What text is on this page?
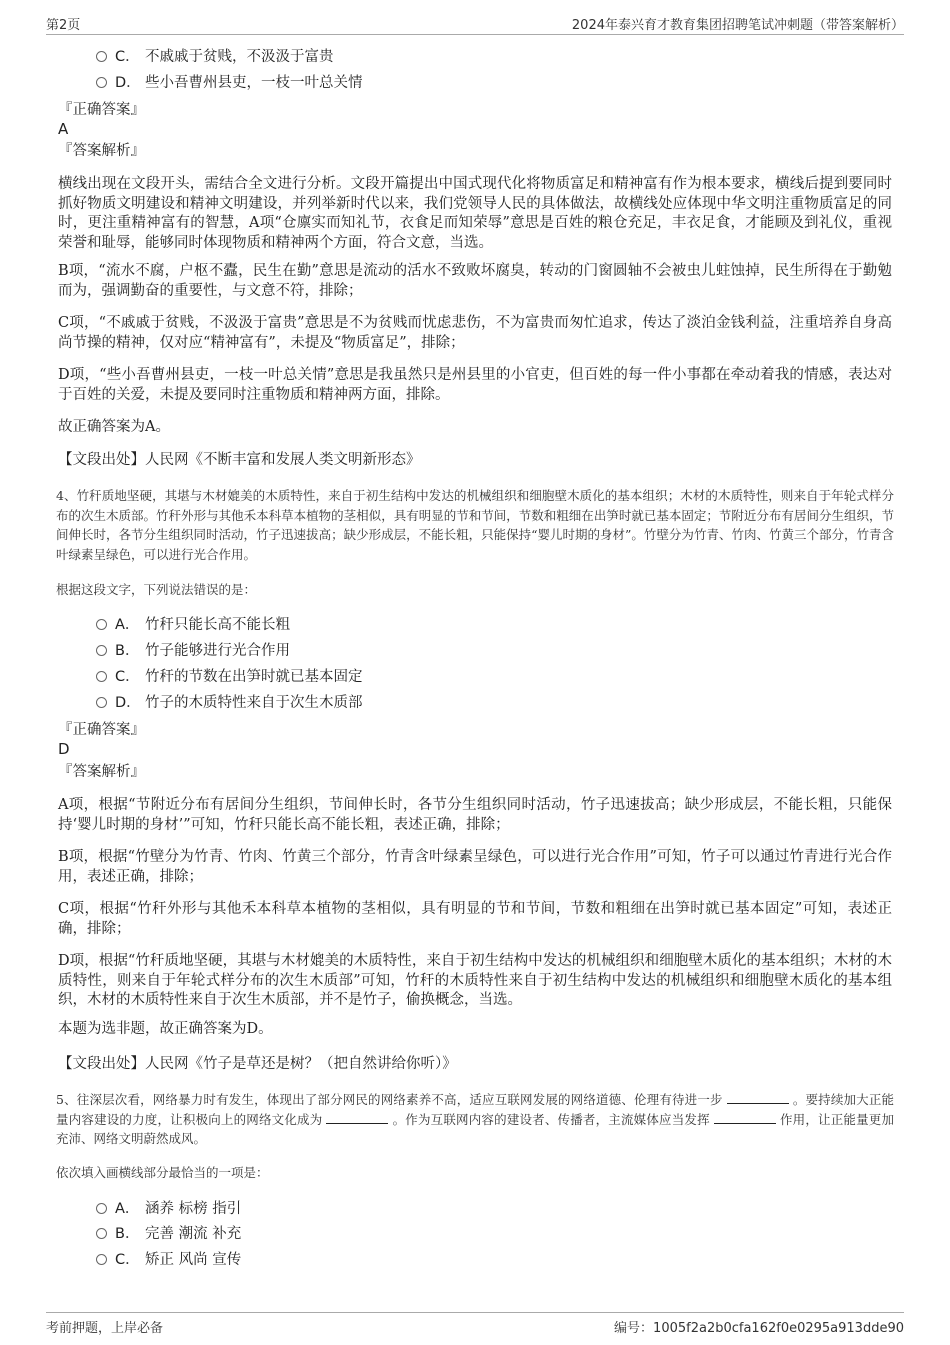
第2页	2024年泰兴育才教育集团招聘笔试冲刺题（带答案解析）
C． 不戚戚于贫贱，不汲汲于富贵
D． 些小吾曹州县吏，一枝一叶总关情
『正确答案』
A
『答案解析』
横线出现在文段开头，需结合全文进行分析。文段开篇提出中国式现代化将物质富足和精神富有作为根本要求，横线后提到要同时抓好物质文明建设和精神文明建设，并列举新时代以来，我们党领导人民的具体做法，故横线处应体现中华文明注重物质富足的同时，更注重精神富有的智慧，A项“仓廪实而知礼节，衣食足而知荣辱”意思是百姓的粮仓充足，丰衣足食，才能顾及到礼仪，重视荣誉和耻辱，能够同时体现物质和精神两个方面，符合文意，当选。
B项，“流水不腐，户枢不蠹，民生在勤”意思是流动的活水不致败坏腐臭，转动的门窗圆轴不会被虫儿蛀蚀掉，民生所得在于勤勉而为，强调勤奋的重要性，与文意不符，排除；
C项，“不戚戚于贫贱，不汲汲于富贵”意思是不为贫贱而忧虑悲伤，不为富贵而匆忙追求，传达了淡泊金钱利益，注重培养自身高尚节操的精神，仅对应“精神富有”，未提及“物质富足”，排除；
D项，“些小吾曹州县吏，一枝一叶总关情”意思是我虽然只是州县里的小官吏，但百姓的每一件小事都在牵动着我的情感，表达对于百姓的关爱，未提及要同时注重物质和精神两方面，排除。
故正确答案为A。
【文段出处】人民网《不断丰富和发展人类文明新形态》
4、竹秆质地坚硬，其堪与木材媲美的木质特性，来自于初生结构中发达的机械组织和细胞壁木质化的基本组织；木材的木质特性，则来自于年轮式样分布的次生木质部。竹秆外形与其他禾本科草本植物的茎相似，具有明显的节和节间，节数和粗细在出笋时就已基本固定；节附近分布有居间分生组织，节间伸长时，各节分生组织同时活动，竹子迅速拔高；缺少形成层，不能长粗，只能保持“婴儿时期的身材”。竹壁分为竹青、竹肉、竹黄三个部分，竹青含叶绿素呈绿色，可以进行光合作用。
根据这段文字，下列说法错误的是：
A． 竹秆只能长高不能长粗
B． 竹子能够进行光合作用
C． 竹秆的节数在出笋时就已基本固定
D． 竹子的木质特性来自于次生木质部
『正确答案』
D
『答案解析』
A项，根据“节附近分布有居间分生组织，节间伸长时，各节分生组织同时活动，竹子迅速拔高；缺少形成层，不能长粗，只能保持‘婴儿时期的身材’”可知，竹秆只能长高不能长粗，表述正确，排除；
B项，根据“竹壁分为竹青、竹肉、竹黄三个部分，竹青含叶绿素呈绿色，可以进行光合作用”可知，竹子可以通过竹青进行光合作用，表述正确，排除；
C项，根据“竹秆外形与其他禾本科草本植物的茎相似，具有明显的节和节间，节数和粗细在出笋时就已基本固定”可知，表述正确，排除；
D项，根据“竹秆质地坚硬，其堪与木材媲美的木质特性，来自于初生结构中发达的机械组织和细胞壁木质化的基本组织；木材的木质特性，则来自于年轮式样分布的次生木质部”可知，竹秆的木质特性来自于初生结构中发达的机械组织和细胞壁木质化的基本组织，木材的木质特性来自于次生木质部，并不是竹子，偷换概念，当选。
本题为选非题，故正确答案为D。
【文段出处】人民网《竹子是草还是树？（把自然讲给你听）》
5、往深层次看，网络暴力时有发生，体现出了部分网民的网络素养不高，适应互联网发展的网络道德、伦理有待进一步	。要持续加大正能量内容建设的力度，让积极向上的网络文化成为	。作为互联网内容的建设者、传播者，主流媒体应当发挥	作用，让正能量更加充沛、网络文明蔚然成风。
依次填入画横线部分最恰当的一项是：
A． 涵养 标榜 指引
B． 完善 潮流 补充
C． 矫正 风尚 宣传
考前押题，上岸必备	编号：1005f2a2b0cfa162f0e0295a913dde90
